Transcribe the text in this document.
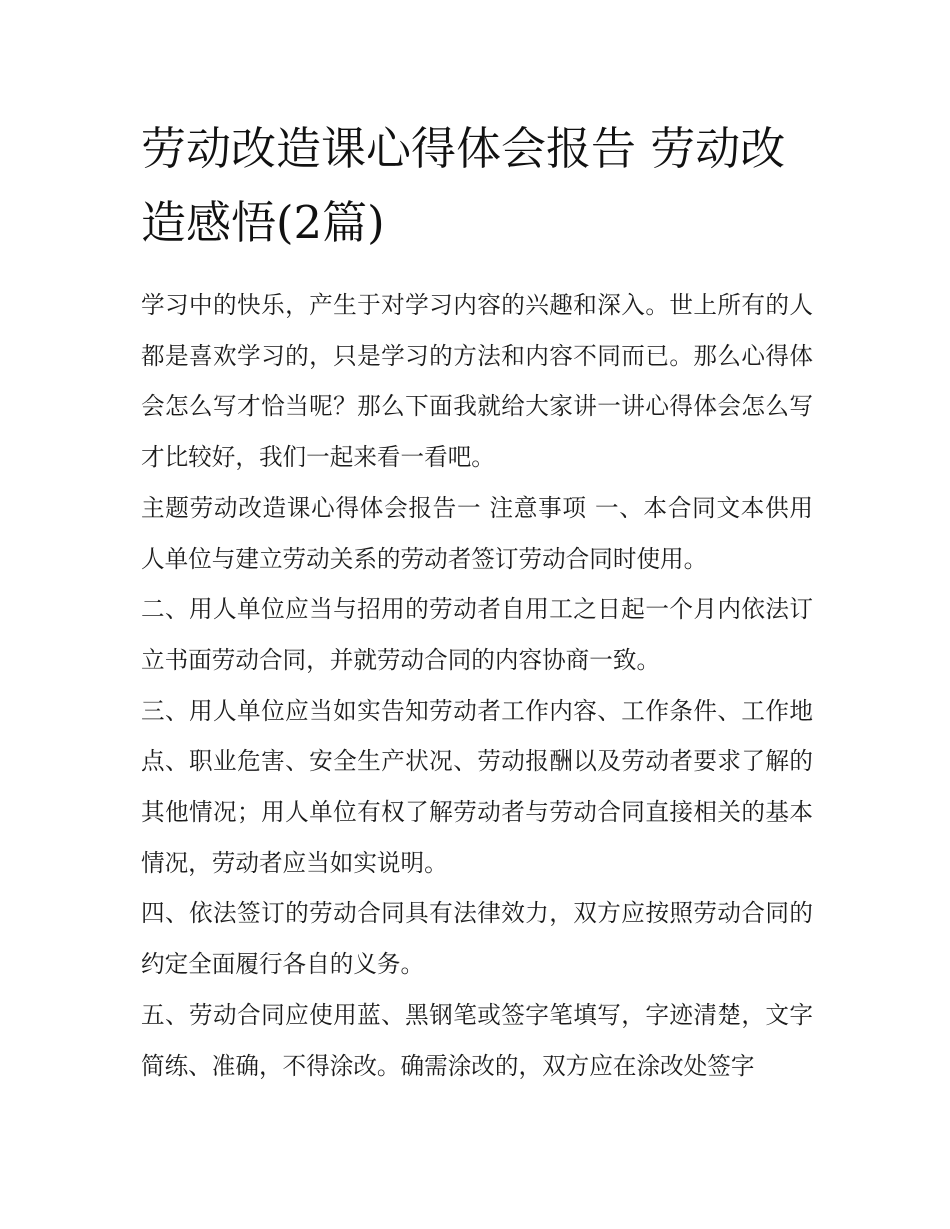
劳动改造课心得体会报告 劳动改造感悟(2篇)

学习中的快乐，产生于对学习内容的兴趣和深入。世上所有的人都是喜欢学习的，只是学习的方法和内容不同而已。那么心得体会怎么写才恰当呢？那么下面我就给大家讲一讲心得体会怎么写才比较好，我们一起来看一看吧。

主题劳动改造课心得体会报告一 注意事项 一、本合同文本供用人单位与建立劳动关系的劳动者签订劳动合同时使用。

二、用人单位应当与招用的劳动者自用工之日起一个月内依法订立书面劳动合同，并就劳动合同的内容协商一致。

三、用人单位应当如实告知劳动者工作内容、工作条件、工作地点、职业危害、安全生产状况、劳动报酬以及劳动者要求了解的其他情况；用人单位有权了解劳动者与劳动合同直接相关的基本情况，劳动者应当如实说明。

四、依法签订的劳动合同具有法律效力，双方应按照劳动合同的约定全面履行各自的义务。

五、劳动合同应使用蓝、黑钢笔或签字笔填写，字迹清楚，文字简练、准确，不得涂改。确需涂改的，双方应在涂改处签字
